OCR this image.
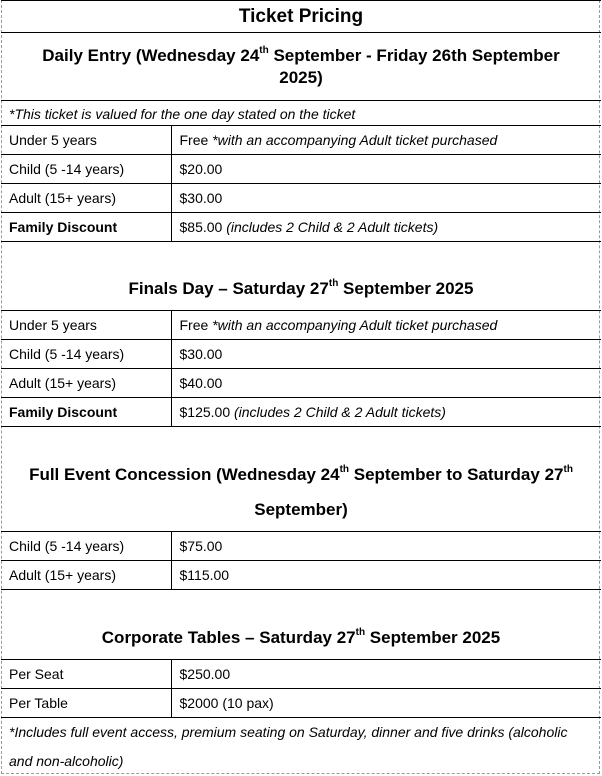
Ticket Pricing
Daily Entry (Wednesday 24th September - Friday 26th September 2025)
*This ticket is valued for the one day stated on the ticket
Under 5 years	Free *with an accompanying Adult ticket purchased
Child (5 -14 years)	$20.00
Adult (15+ years)	$30.00
Family Discount	$85.00 (includes 2 Child & 2 Adult tickets)
Finals Day – Saturday 27th September 2025
Under 5 years	Free *with an accompanying Adult ticket purchased
Child (5 -14 years)	$30.00
Adult (15+ years)	$40.00
Family Discount	$125.00 (includes 2 Child & 2 Adult tickets)
Full Event Concession (Wednesday 24th September to Saturday 27th September)
Child (5 -14 years)	$75.00
Adult (15+ years)	$115.00
Corporate Tables – Saturday 27th September 2025
Per Seat	$250.00
Per Table	$2000 (10 pax)
*Includes full event access, premium seating on Saturday, dinner and five drinks (alcoholic and non-alcoholic)
